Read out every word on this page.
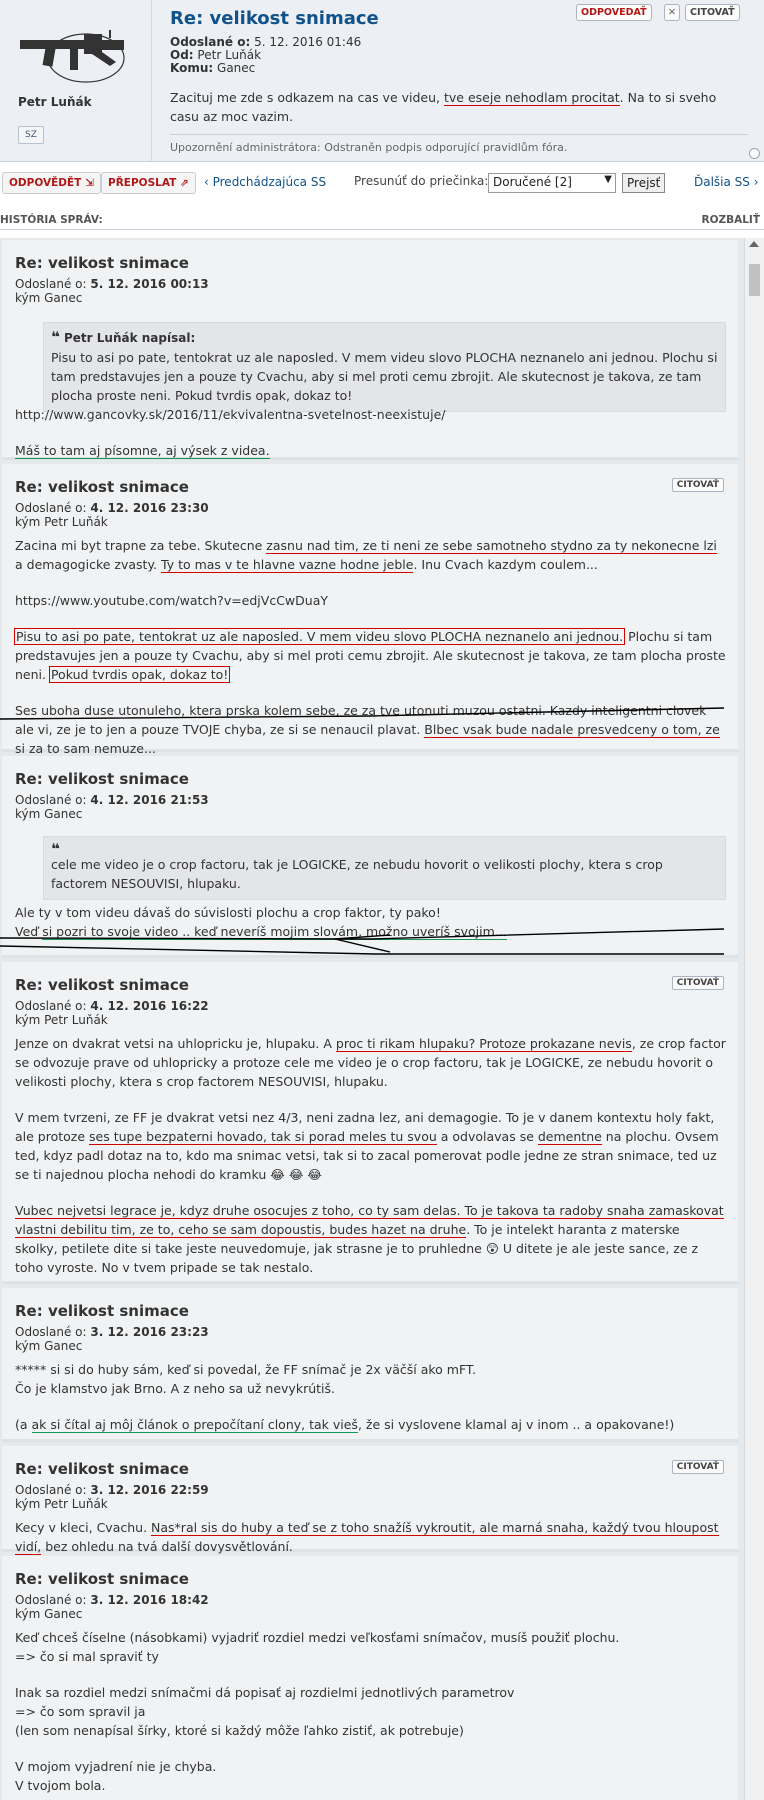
Petr Luňák
SZ
Re: velikost snimace
Odoslané o: 5. 12. 2016 01:46
Od: Petr Luňák
Komu: Ganec
Zacituj me zde s odkazem na cas ve videu, tve eseje nehodlam procitat. Na to si sveho casu az moc vazim.
Upozornění administrátora: Odstraněn podpis odporující pravidlům fóra.
ODPOVEDAŤ	✕	CITOVAŤ
ODPOVĚDĚT ⇲	PŘEPOSLAT ⇗	‹ Predchádzajúca SS Presunúť do priečinka: Doručené [2]	▼	Prejsť	Ďalšia SS ›
HISTÓRIA SPRÁV:	ROZBALIŤ
Re: velikost snimace
Odoslané o: 5. 12. 2016 00:13
kým Ganec
❝ Petr Luňák napísal:
Pisu to asi po pate, tentokrat uz ale naposled. V mem videu slovo PLOCHA neznanelo ani jednou. Plochu si tam predstavujes jen a pouze ty Cvachu, aby si mel proti cemu zbrojit. Ale skutecnost je takova, ze tam plocha proste neni. Pokud tvrdis opak, dokaz to!
http://www.gancovky.sk/2016/11/ekvivalentna-svetelnost-neexistuje/
Máš to tam aj písomne, aj výsek z videa.
Re: velikost snimace
Odoslané o: 4. 12. 2016 23:30
kým Petr Luňák
CITOVAŤ
Zacina mi byt trapne za tebe. Skutecne zasnu nad tim, ze ti neni ze sebe samotneho stydno za ty nekonecne lzi a demagogicke zvasty. Ty to mas v te hlavne vazne hodne jeble. Inu Cvach kazdym coulem...
https://www.youtube.com/watch?v=edjVcCwDuaY
Pisu to asi po pate, tentokrat uz ale naposled. V mem videu slovo PLOCHA neznanelo ani jednou. Plochu si tam predstavujes jen a pouze ty Cvachu, aby si mel proti cemu zbrojit. Ale skutecnost je takova, ze tam plocha proste neni. Pokud tvrdis opak, dokaz to!
Ses uboha duse utonuleho, ktera prska kolem sebe, ze za tve utonuti muzou ostatni. Kazdy inteligentni clovek ale vi, ze je to jen a pouze TVOJE chyba, ze si se nenaucil plavat. Blbec vsak bude nadale presvedceny o tom, ze si za to sam nemuze...
Re: velikost snimace
Odoslané o: 4. 12. 2016 21:53
kým Ganec
❝
cele me video je o crop factoru, tak je LOGICKE, ze nebudu hovorit o velikosti plochy, ktera s crop factorem NESOUVISI, hlupaku.
Ale ty v tom videu dávaš do súvislosti plochu a crop faktor, ty pako!
Veď si pozri to svoje video .. keď neveríš mojim slovám, možno uveríš svojim...
Re: velikost snimace
Odoslané o: 4. 12. 2016 16:22
kým Petr Luňák
CITOVAŤ
Jenze on dvakrat vetsi na uhlopricku je, hlupaku. A proc ti rikam hlupaku? Protoze prokazane nevis, ze crop factor se odvozuje prave od uhlopricky a protoze cele me video je o crop factoru, tak je LOGICKE, ze nebudu hovorit o velikosti plochy, ktera s crop factorem NESOUVISI, hlupaku.
V mem tvrzeni, ze FF je dvakrat vetsi nez 4/3, neni zadna lez, ani demagogie. To je v danem kontextu holy fakt, ale protoze ses tupe bezpaterni hovado, tak si porad meles tu svou a odvolavas se dementne na plochu. Ovsem ted, kdyz padl dotaz na to, kdo ma snimac vetsi, tak si to zacal pomerovat podle jedne ze stran snimace, ted uz se ti najednou plocha nehodi do kramku 😂 😂 😂
Vubec nejvetsi legrace je, kdyz druhe osocujes z toho, co ty sam delas. To je takova ta radoby snaha zamaskovat vlastni debilitu tim, ze to, ceho se sam dopoustis, budes hazet na druhe. To je intelekt haranta z materske skolky, petilete dite si take jeste neuvedomuje, jak strasne je to pruhledne 😲 U ditete je ale jeste sance, ze z toho vyroste. No v tvem pripade se tak nestalo.
Re: velikost snimace
Odoslané o: 3. 12. 2016 23:23
kým Ganec
***** si si do huby sám, keď si povedal, že FF snímač je 2x väčší ako mFT.
Čo je klamstvo jak Brno. A z neho sa už nevykrútiš.
(a ak si čítal aj môj článok o prepočítaní clony, tak vieš, že si vyslovene klamal aj v inom .. a opakovane!)
Re: velikost snimace
Odoslané o: 3. 12. 2016 22:59
kým Petr Luňák
CITOVAŤ
Kecy v kleci, Cvachu. Nas*ral sis do huby a teď se z toho snažíš vykroutit, ale marná snaha, každý tvou hloupost vidí, bez ohledu na tvá další dovysvětlování.
Re: velikost snimace
Odoslané o: 3. 12. 2016 18:42
kým Ganec
Keď chceš číselne (násobkami) vyjadriť rozdiel medzi veľkosťami snímačov, musíš použiť plochu.
=> čo si mal spraviť ty
Inak sa rozdiel medzi snímačmi dá popisať aj rozdielmi jednotlivých parametrov
=> čo som spravil ja
(len som nenapísal šírky, ktoré si každý môže ľahko zistiť, ak potrebuje)
V mojom vyjadrení nie je chyba.
V tvojom bola.
